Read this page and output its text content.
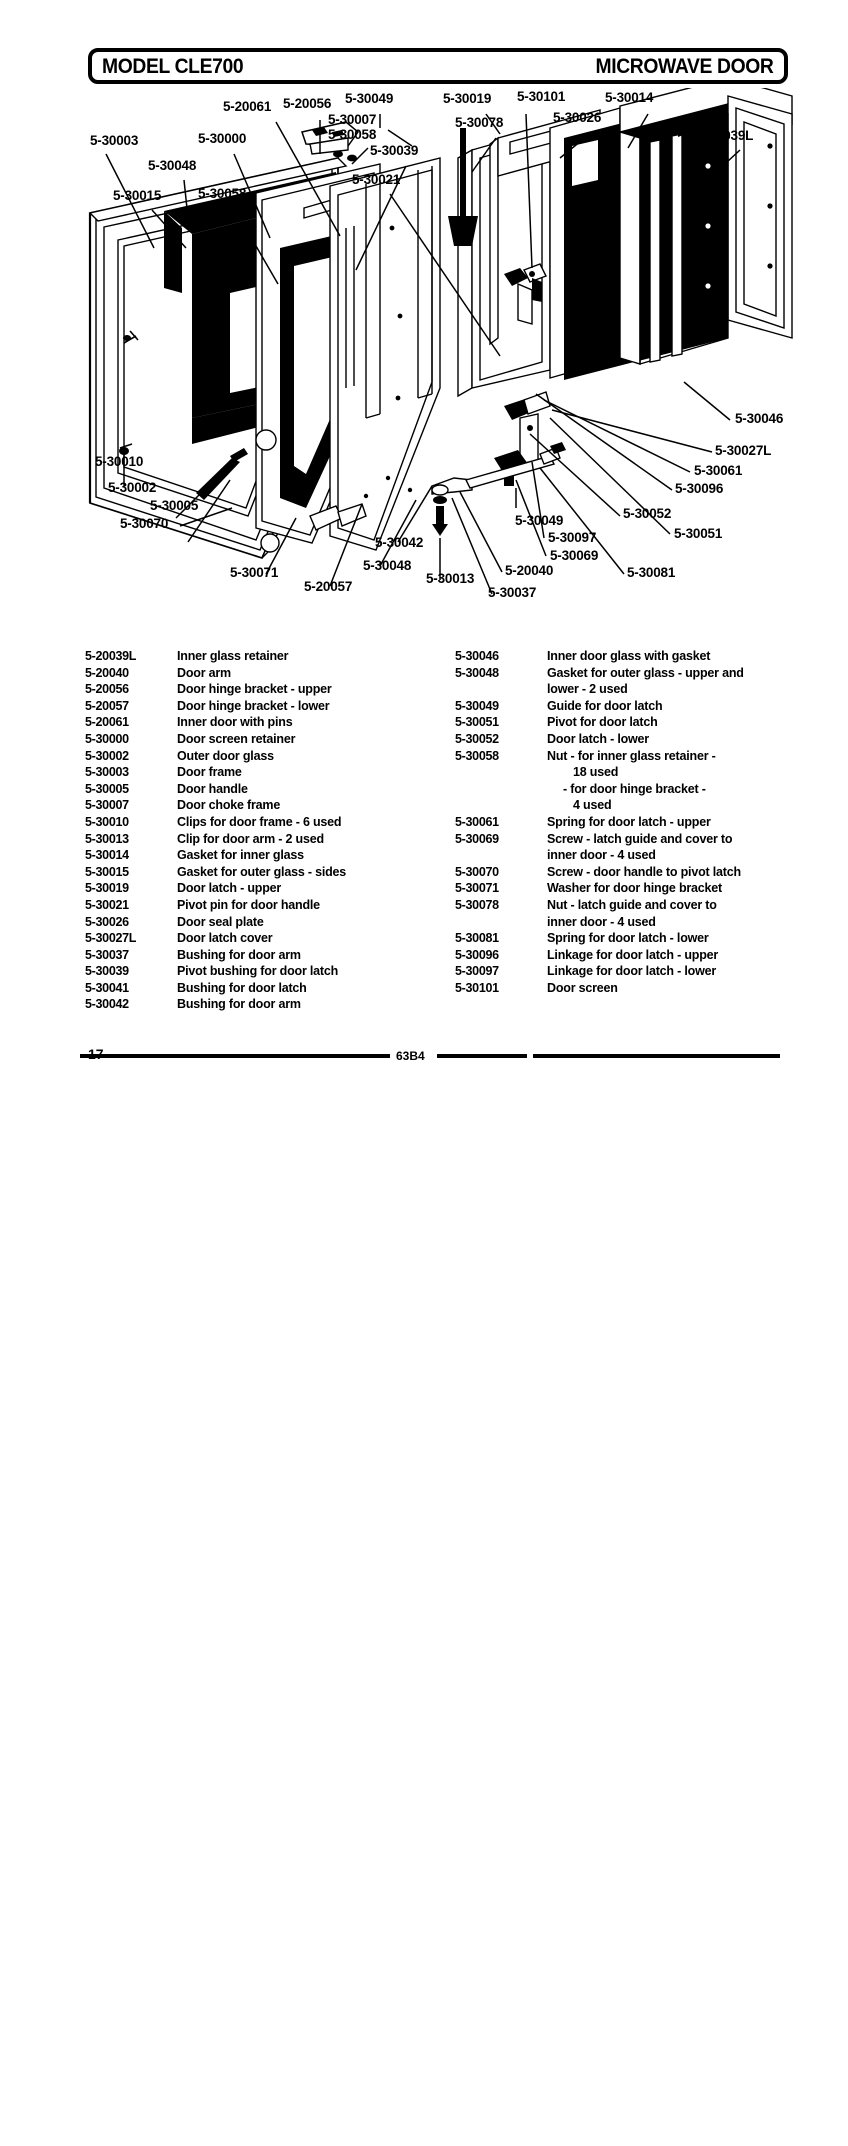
MODEL CLE700	MICROWAVE DOOR
5-30003
5-30048
5-30015
5-30000
5-30058
5-20061 5-20056 5-30049
5-30007
5-30058
5-30039
5-30021
5-30019
5-30078
5-30101
5-30026
5-30014
5-20039L
5-30046
5-30027L
5-30061
5-30096
5-30051
5-30052
5-30081
5-30049
5-30097
5-30069
5-20040
5-30037
5-30013
5-30042
5-30048
5-20057
5-30071
5-30070
5-30005
5-30002
5-30010
5-20039L	Inner glass retainer
5-20040	Door arm
5-20056	Door hinge bracket - upper
5-20057	Door hinge bracket - lower
5-20061	Inner door with pins
5-30000	Door screen retainer
5-30002	Outer door glass
5-30003	Door frame
5-30005	Door handle
5-30007	Door choke frame
5-30010	Clips for door frame - 6 used
5-30013	Clip for door arm - 2 used
5-30014	Gasket for inner glass
5-30015	Gasket for outer glass - sides
5-30019	Door latch - upper
5-30021	Pivot pin for door handle
5-30026	Door seal plate
5-30027L	Door latch cover
5-30037	Bushing for door arm
5-30039	Pivot bushing for door latch
5-30041	Bushing for door latch
5-30042	Bushing for door arm
5-30046	Inner door glass with gasket
5-30048	Gasket for outer glass - upper and
lower - 2 used
5-30049	Guide for door latch
5-30051	Pivot for door latch
5-30052	Door latch - lower
5-30058	Nut - for inner glass retainer -
18 used
- for door hinge bracket -
4 used
5-30061	Spring for door latch - upper
5-30069	Screw - latch guide and cover to
inner door - 4 used
5-30070	Screw - door handle to pivot latch
5-30071	Washer for door hinge bracket
5-30078	Nut - latch guide and cover to
inner door - 4 used
5-30081	Spring for door latch - lower
5-30096	Linkage for door latch - upper
5-30097	Linkage for door latch - lower
5-30101	Door screen
63B4
17
